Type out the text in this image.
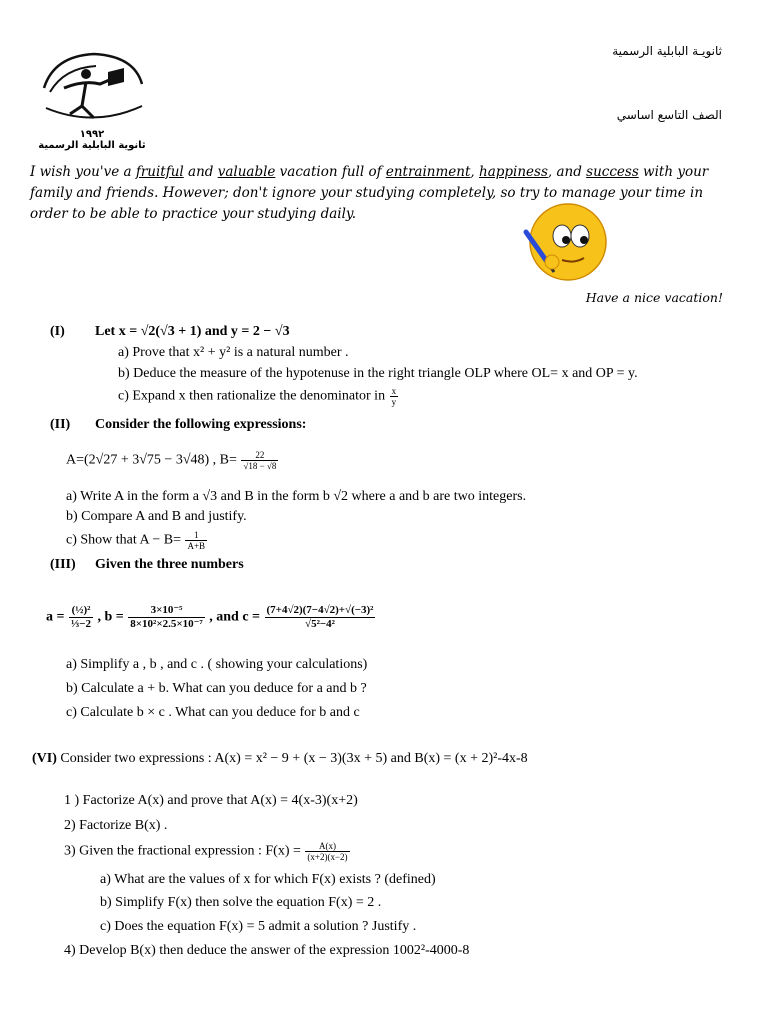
ثانويـة البابلية الرسمية
الصف التاسع اساسي
١٩٩٢
ثانوية البابلية الرسمية
I wish you've a fruitful and valuable vacation full of entrainment, happiness, and success with your family and friends. However; don't ignore your studying completely, so try to manage your time in order to be able to practice your studying daily.
Have a nice vacation!
(I) Let x = √2(√3 + 1) and y = 2 − √3
a) Prove that x² + y² is a natural number .
b) Deduce the measure of the hypotenuse in the right triangle OLP where OL= x and OP = y.
c) Expand x then rationalize the denominator in $\frac{x}{y}$
(II) Consider the following expressions:
A=(2√27 + 3√75 − 3√48) , $B= \frac{22}{√18 - √8}$
a) Write A in the form a √3 and B in the form b √2 where a and b are two integers.
b) Compare A and B and justify.
c) Show that $A - B= \frac{1}{A+B}$
(III) Given the three numbers
$a = \frac{\text{(½)²}}{\text{⅓−2}}$ , $b = \frac{\text{3×10⁻⁵}}{\text{8×10²×2.5×10⁻⁷}}$ , and $c = \frac{\text{(7+4√2)(7−4√2)+√(−3)²}}{\text{√5²−4²}}$
a) Simplify a , b , and c . ( showing your calculations)
b) Calculate a + b. What can you deduce for a and b ?
c) Calculate b × c . What can you deduce for b and c
(VI) Consider two expressions : A(x) = x² − 9 + (x − 3)(3x + 5) and B(x) = (x + 2)²-4x-8
1 ) Factorize A(x) and prove that A(x) = 4(x-3)(x+2)
2) Factorize B(x) .
3) Given the fractional expression : $F(x) = \frac{A(x)}{(x+2)(x-2)}$
a) What are the values of x for which F(x) exists ? (defined)
b) Simplify F(x) then solve the equation F(x) = 2 .
c) Does the equation F(x) = 5 admit a solution ? Justify .
4) Develop B(x) then deduce the answer of the expression 1002²-4000-8
